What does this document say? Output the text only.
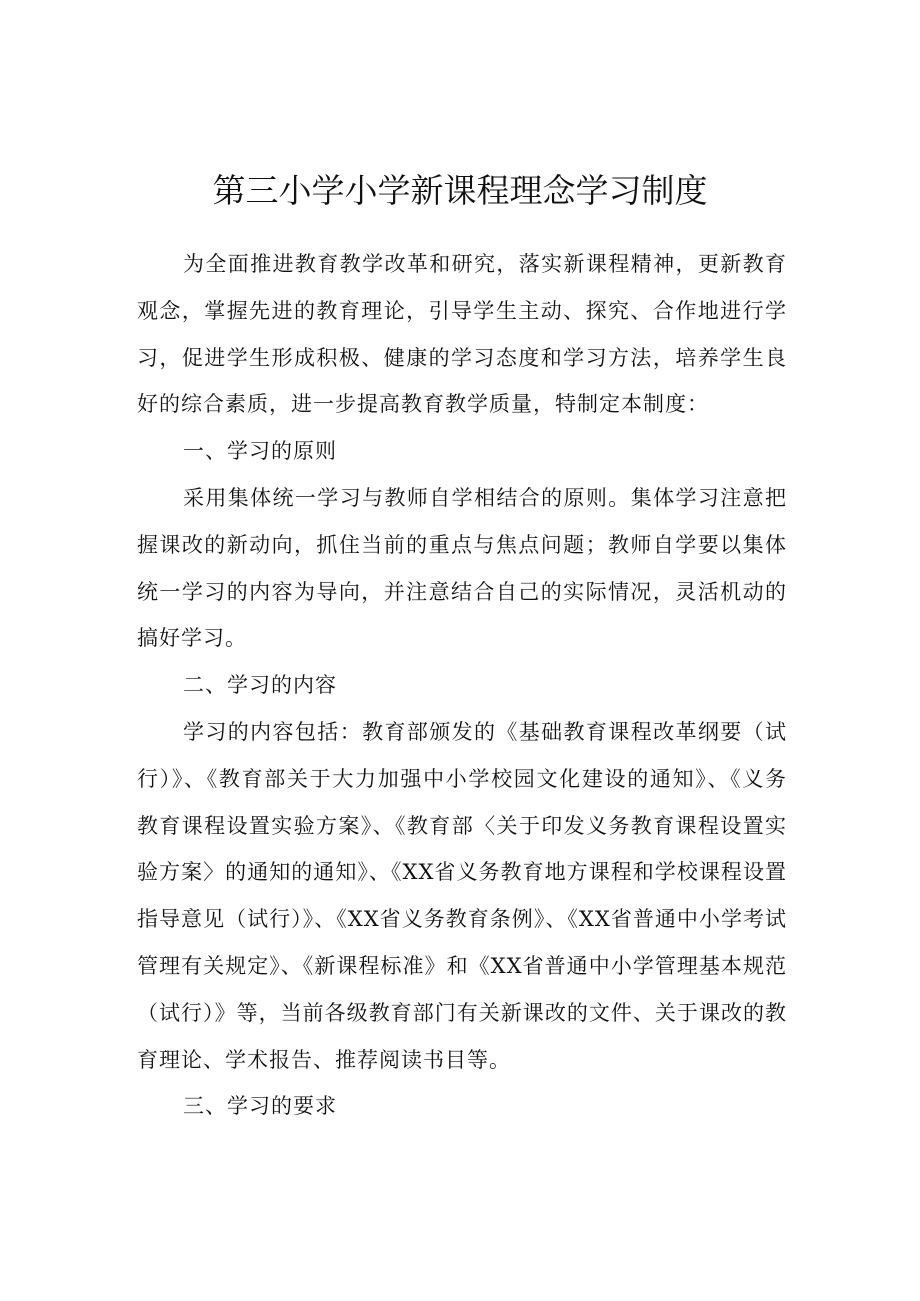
第三小学小学新课程理念学习制度

为全面推进教育教学改革和研究，落实新课程精神，更新教育观念，掌握先进的教育理论，引导学生主动、探究、合作地进行学习，促进学生形成积极、健康的学习态度和学习方法，培养学生良好的综合素质，进一步提高教育教学质量，特制定本制度：

一、学习的原则

采用集体统一学习与教师自学相结合的原则。集体学习注意把握课改的新动向，抓住当前的重点与焦点问题；教师自学要以集体统一学习的内容为导向，并注意结合自己的实际情况，灵活机动的搞好学习。

二、学习的内容

学习的内容包括：教育部颁发的《基础教育课程改革纲要（试行）》、《教育部关于大力加强中小学校园文化建设的通知》、《义务教育课程设置实验方案》、《教育部〈关于印发义务教育课程设置实验方案〉的通知的通知》、《XX省义务教育地方课程和学校课程设置指导意见（试行）》、《XX省义务教育条例》、《XX省普通中小学考试管理有关规定》、《新课程标准》和《XX省普通中小学管理基本规范（试行）》等，当前各级教育部门有关新课改的文件、关于课改的教育理论、学术报告、推荐阅读书目等。

三、学习的要求
